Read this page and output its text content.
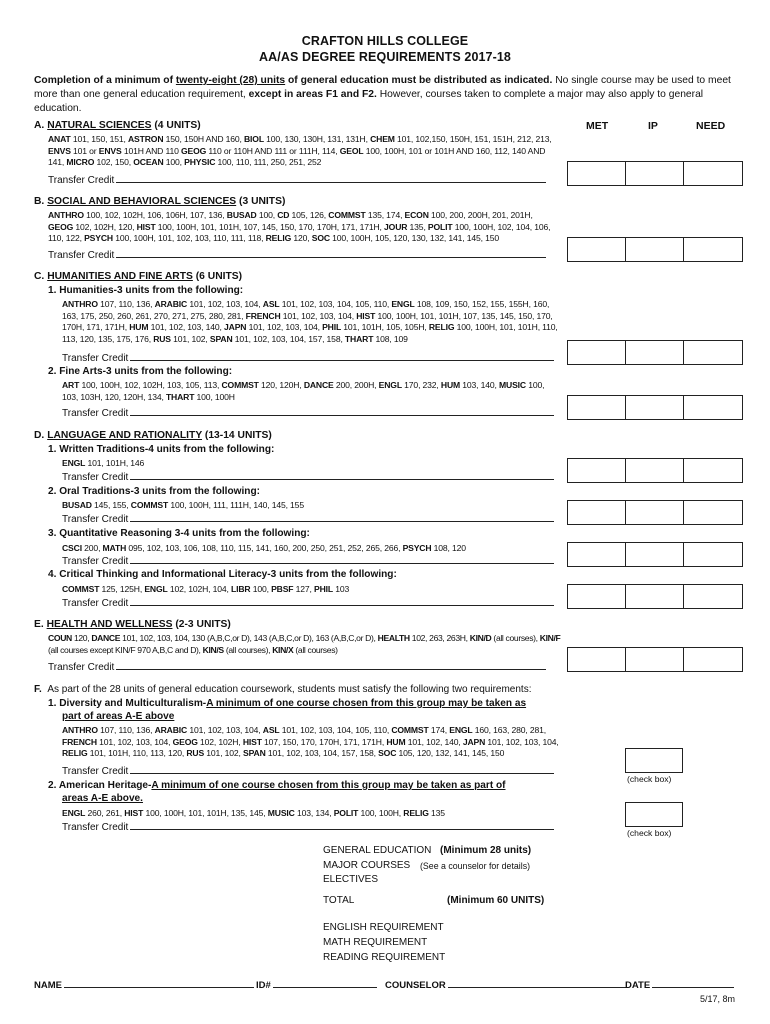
CRAFTON HILLS COLLEGE
AA/AS DEGREE REQUIREMENTS 2017-18
Completion of a minimum of twenty-eight (28) units of general education must be distributed as indicated. No single course may be used to meet more than one general education requirement, except in areas F1 and F2. However, courses taken to complete a major may also apply to general education.
MET	IP	NEED
A. NATURAL SCIENCES (4 UNITS)
ANAT 101, 150, 151, ASTRON 150, 150H AND 160, BIOL 100, 130, 130H, 131, 131H, CHEM 101, 102,150, 150H, 151, 151H, 212, 213, ENVS 101 or ENVS 101H AND 110 GEOG 110 or 110H AND 111 or 111H, 114, GEOL 100, 100H, 101 or 101H AND 160, 112, 140 AND 141, MICRO 102, 150, OCEAN 100, PHYSIC 100, 110, 111, 250, 251, 252
Transfer Credit
B. SOCIAL AND BEHAVIORAL SCIENCES (3 UNITS)
ANTHRO 100, 102, 102H, 106, 106H, 107, 136, BUSAD 100, CD 105, 126, COMMST 135, 174, ECON 100, 200, 200H, 201, 201H, GEOG 102, 102H, 120, HIST 100, 100H, 101, 101H, 107, 145, 150, 170, 170H, 171, 171H, JOUR 135, POLIT 100, 100H, 102, 104, 106, 110, 122, PSYCH 100, 100H, 101, 102, 103, 110, 111, 118, RELIG 120, SOC 100, 100H, 105, 120, 130, 132, 141, 145, 150
Transfer Credit
C. HUMANITIES AND FINE ARTS (6 UNITS)
1. Humanities-3 units from the following:
ANTHRO 107, 110, 136, ARABIC 101, 102, 103, 104, ASL 101, 102, 103, 104, 105, 110, ENGL 108, 109, 150, 152, 155, 155H, 160, 163, 175, 250, 260, 261, 270, 271, 275, 280, 281, FRENCH 101, 102, 103, 104, HIST 100, 100H, 101, 101H, 107, 135, 145, 150, 170, 170H, 171, 171H, HUM 101, 102, 103, 140, JAPN 101, 102, 103, 104, PHIL 101, 101H, 105, 105H, RELIG 100, 100H, 101, 101H, 110, 113, 120, 135, 175, 176, RUS 101, 102, SPAN 101, 102, 103, 104, 157, 158, THART 108, 109
Transfer Credit
2. Fine Arts-3 units from the following:
ART 100, 100H, 102, 102H, 103, 105, 113, COMMST 120, 120H, DANCE 200, 200H, ENGL 170, 232, HUM 103, 140, MUSIC 100, 103, 103H, 120, 120H, 134, THART 100, 100H
Transfer Credit
D. LANGUAGE AND RATIONALITY (13-14 UNITS)
1. Written Traditions-4 units from the following:
ENGL 101, 101H, 146
Transfer Credit
2. Oral Traditions-3 units from the following:
BUSAD 145, 155, COMMST 100, 100H, 111, 111H, 140, 145, 155
Transfer Credit
3. Quantitative Reasoning 3-4 units from the following:
CSCI 200, MATH 095, 102, 103, 106, 108, 110, 115, 141, 160, 200, 250, 251, 252, 265, 266, PSYCH 108, 120
Transfer Credit
4. Critical Thinking and Informational Literacy-3 units from the following:
COMMST 125, 125H, ENGL 102, 102H, 104, LIBR 100, PBSF 127, PHIL 103
Transfer Credit
E. HEALTH AND WELLNESS (2-3 UNITS)
COUN 120, DANCE 101, 102, 103, 104, 130 (A,B,C,or D), 143 (A,B,C,or D), 163 (A,B,C,or D), HEALTH 102, 263, 263H, KIN/D (all courses), KIN/F (all courses except KIN/F 970 A,B,C and D), KIN/S (all courses), KIN/X (all courses)
Transfer Credit
F. As part of the 28 units of general education coursework, students must satisfy the following two requirements:
1. Diversity and Multiculturalism-A minimum of one course chosen from this group may be taken as
part of areas A-E above
ANTHRO 107, 110, 136, ARABIC 101, 102, 103, 104, ASL 101, 102, 103, 104, 105, 110, COMMST 174, ENGL 160, 163, 280, 281, FRENCH 101, 102, 103, 104, GEOG 102, 102H, HIST 107, 150, 170, 170H, 171, 171H, HUM 101, 102, 140, JAPN 101, 102, 103, 104, RELIG 101, 101H, 110, 113, 120, RUS 101, 102, SPAN 101, 102, 103, 104, 157, 158, SOC 105, 120, 132, 141, 145, 150
Transfer Credit
(check box)
2. American Heritage-A minimum of one course chosen from this group may be taken as part of
areas A-E above.
ENGL 260, 261, HIST 100, 100H, 101, 101H, 135, 145, MUSIC 103, 134, POLIT 100, 100H, RELIG 135
Transfer Credit	(check box)
GENERAL EDUCATION (Minimum 28 units)
MAJOR COURSES (See a counselor for details)
ELECTIVES
TOTAL	(Minimum 60 UNITS)
ENGLISH REQUIREMENT
MATH REQUIREMENT
READING REQUIREMENT
NAME	ID#	COUNSELOR	DATE
5/17, 8m
